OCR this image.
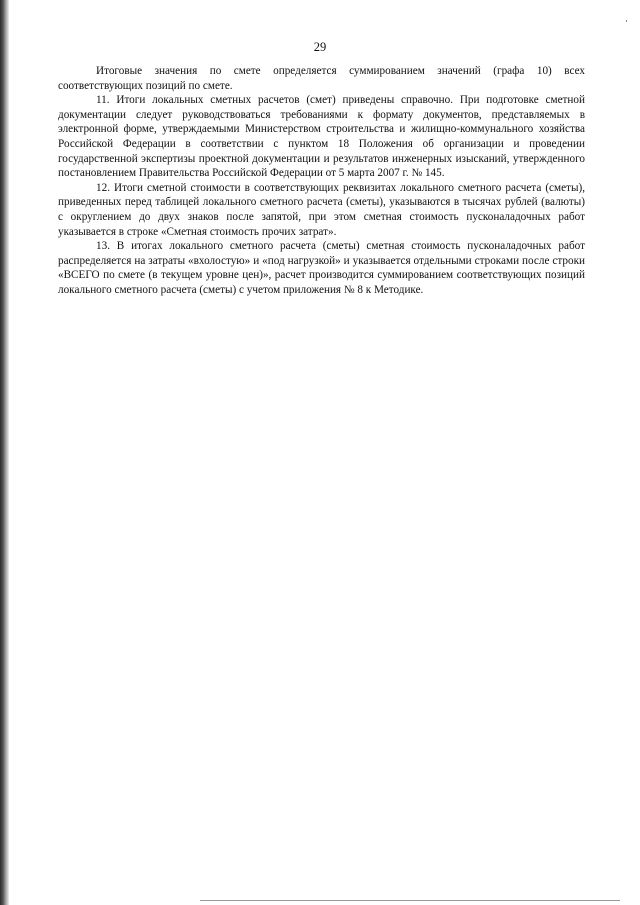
29

Итоговые значения по смете определяется суммированием значений (графа 10) всех соответствующих позиций по смете.

11. Итоги локальных сметных расчетов (смет) приведены справочно. При подготовке сметной документации следует руководствоваться требованиями к формату документов, представляемых в электронной форме, утверждаемыми Министерством строительства и жилищно-коммунального хозяйства Российской Федерации в соответствии с пунктом 18 Положения об организации и проведении государственной экспертизы проектной документации и результатов инженерных изысканий, утвержденного постановлением Правительства Российской Федерации от 5 марта 2007 г. № 145.

12. Итоги сметной стоимости в соответствующих реквизитах локального сметного расчета (сметы), приведенных перед таблицей локального сметного расчета (сметы), указываются в тысячах рублей (валюты) с округлением до двух знаков после запятой, при этом сметная стоимость пусконаладочных работ указывается в строке «Сметная стоимость прочих затрат».

13. В итогах локального сметного расчета (сметы) сметная стоимость пусконаладочных работ распределяется на затраты «вхолостую» и «под нагрузкой» и указывается отдельными строками после строки «ВСЕГО по смете (в текущем уровне цен)», расчет производится суммированием соответствующих позиций локального сметного расчета (сметы) с учетом приложения № 8 к Методике.
